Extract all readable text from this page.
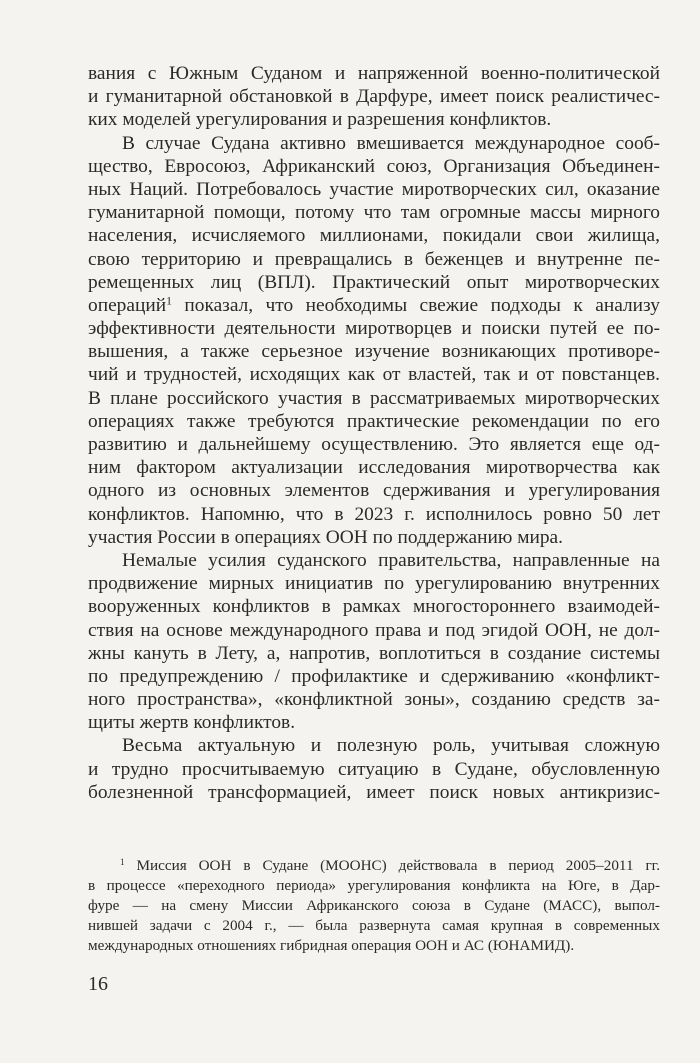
вания с Южным Суданом и напряженной военно-политической
и гуманитарной обстановкой в Дарфуре, имеет поиск реалистичес-
ких моделей урегулирования и разрешения конфликтов.
В случае Судана активно вмешивается международное сооб-
щество, Евросоюз, Африканский союз, Организация Объединен-
ных Наций. Потребовалось участие миротворческих сил, оказание
гуманитарной помощи, потому что там огромные массы мирного
населения, исчисляемого миллионами, покидали свои жилища,
свою территорию и превращались в беженцев и внутренне пе-
ремещенных лиц (ВПЛ). Практический опыт миротворческих
операций$^1$ показал, что необходимы свежие подходы к анализу
эффективности деятельности миротворцев и поиски путей ее по-
вышения, а также серьезное изучение возникающих противоре-
чий и трудностей, исходящих как от властей, так и от повстанцев.
В плане российского участия в рассматриваемых миротворческих
операциях также требуются практические рекомендации по его
развитию и дальнейшему осуществлению. Это является еще од-
ним фактором актуализации исследования миротворчества как
одного из основных элементов сдерживания и урегулирования
конфликтов. Напомню, что в 2023 г. исполнилось ровно 50 лет
участия России в операциях ООН по поддержанию мира.
Немалые усилия суданского правительства, направленные на
продвижение мирных инициатив по урегулированию внутренних
вооруженных конфликтов в рамках многостороннего взаимодей-
ствия на основе международного права и под эгидой ООН, не дол-
жны кануть в Лету, а, напротив, воплотиться в создание системы
по предупреждению / профилактике и сдерживанию «конфликт-
ного пространства», «конфликтной зоны», созданию средств за-
щиты жертв конфликтов.
Весьма актуальную и полезную роль, учитывая сложную
и трудно просчитываемую ситуацию в Судане, обусловленную
болезненной трансформацией, имеет поиск новых антикризис-
$^1$ Миссия ООН в Судане (МООНС) действовала в период 2005–2011 гг.
в процессе «переходного периода» урегулирования конфликта на Юге, в Дар-
фуре — на смену Миссии Африканского союза в Судане (МАСС), выпол-
нившей задачи с 2004 г., — была развернута самая крупная в современных
международных отношениях гибридная операция ООН и АС (ЮНАМИД).
16
